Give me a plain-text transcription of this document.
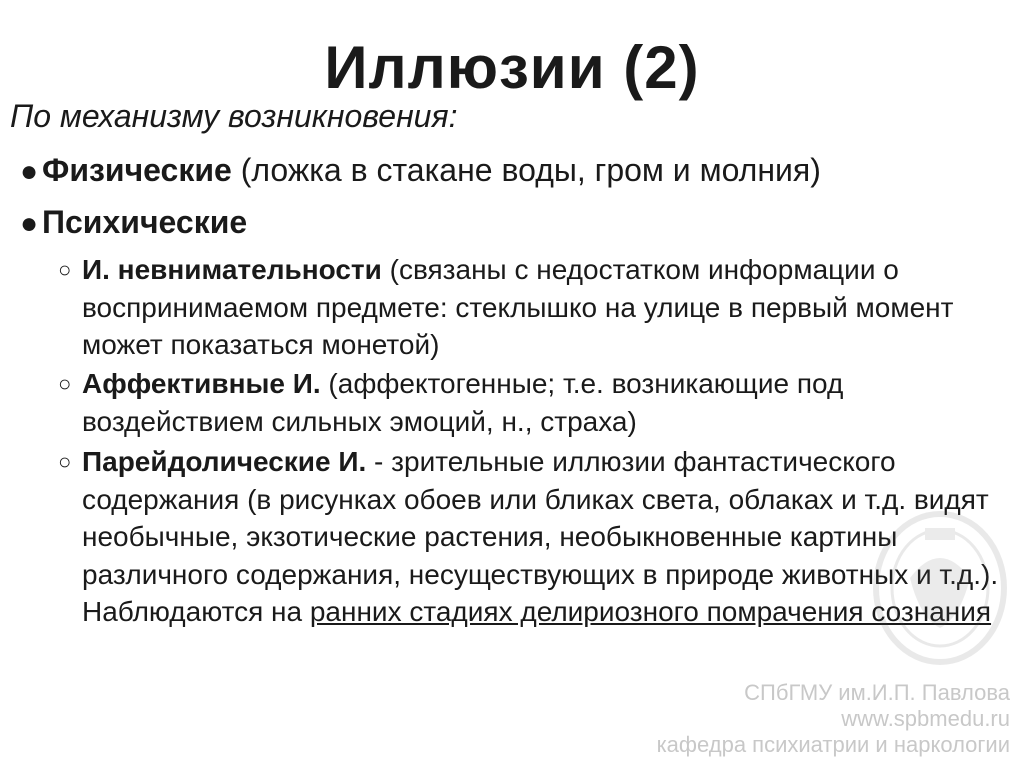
Иллюзии (2)
По механизму возникновения:
● Физические (ложка в стакане воды, гром и молния)
● Психические
○ И. невнимательности (связаны с недостатком информации о воспринимаемом предмете: стеклышко на улице в первый момент может показаться монетой)
○ Аффективные И. (аффектогенные; т.е. возникающие под воздействием сильных эмоций, н., страха)
○ Парейдолические И. - зрительные иллюзии фантастического содержания (в рисунках обоев или бликах света, облаках и т.д. видят необычные, экзотические растения, необыкновенные картины различного содержания, несуществующих в природе животных и т.д.). Наблюдаются на ранних стадиях делириозного помрачения сознания
СПбГМУ им.И.П. Павлова
www.spbmedu.ru
кафедра психиатрии и наркологии
